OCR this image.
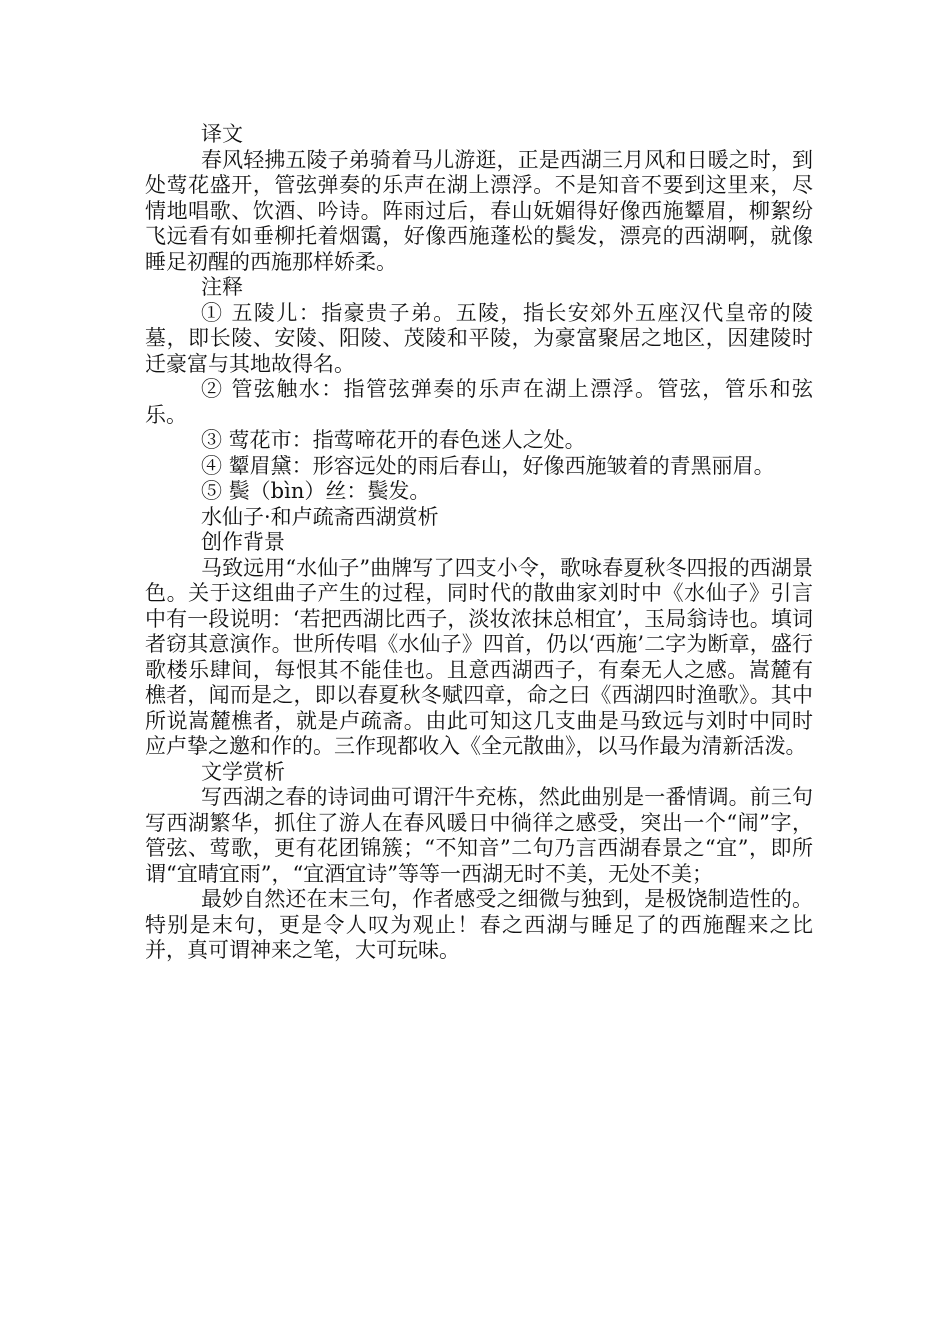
译文

春风轻拂五陵子弟骑着马儿游逛，正是西湖三月风和日暖之时，到处莺花盛开，管弦弹奏的乐声在湖上漂浮。不是知音不要到这里来，尽情地唱歌、饮酒、吟诗。阵雨过后，春山妩媚得好像西施颦眉，柳絮纷飞远看有如垂柳托着烟霭，好像西施蓬松的鬓发，漂亮的西湖啊，就像睡足初醒的西施那样娇柔。

注释

① 五陵儿：指豪贵子弟。五陵，指长安郊外五座汉代皇帝的陵墓，即长陵、安陵、阳陵、茂陵和平陵，为豪富聚居之地区，因建陵时迁豪富与其地故得名。

② 管弦触水：指管弦弹奏的乐声在湖上漂浮。管弦，管乐和弦乐。

③ 莺花市：指莺啼花开的春色迷人之处。

④ 颦眉黛：形容远处的雨后春山，好像西施皱着的青黑丽眉。

⑤ 鬓（bìn）丝：鬓发。

水仙子·和卢疏斋西湖赏析

创作背景

马致远用“水仙子”曲牌写了四支小令，歌咏春夏秋冬四报的西湖景色。关于这组曲子产生的过程，同时代的散曲家刘时中《水仙子》引言中有一段说明：‘若把西湖比西子，淡妆浓抹总相宜’，玉局翁诗也。填词者窃其意演作。世所传唱《水仙子》四首，仍以‘西施’二字为断章，盛行歌楼乐肆间，每恨其不能佳也。且意西湖西子，有秦无人之感。嵩麓有樵者，闻而是之，即以春夏秋冬赋四章，命之曰《西湖四时渔歌》。其中所说嵩麓樵者，就是卢疏斋。由此可知这几支曲是马致远与刘时中同时应卢挚之邀和作的。三作现都收入《全元散曲》，以马作最为清新活泼。

文学赏析

写西湖之春的诗词曲可谓汗牛充栋，然此曲别是一番情调。前三句写西湖繁华，抓住了游人在春风暖日中徜徉之感受，突出一个“闹”字，管弦、莺歌，更有花团锦簇；“不知音”二句乃言西湖春景之“宜”，即所谓“宜晴宜雨”，“宜酒宜诗”等等一西湖无时不美，无处不美；

最妙自然还在末三句，作者感受之细微与独到，是极饶制造性的。特别是末句，更是令人叹为观止！春之西湖与睡足了的西施醒来之比并，真可谓神来之笔，大可玩味。
